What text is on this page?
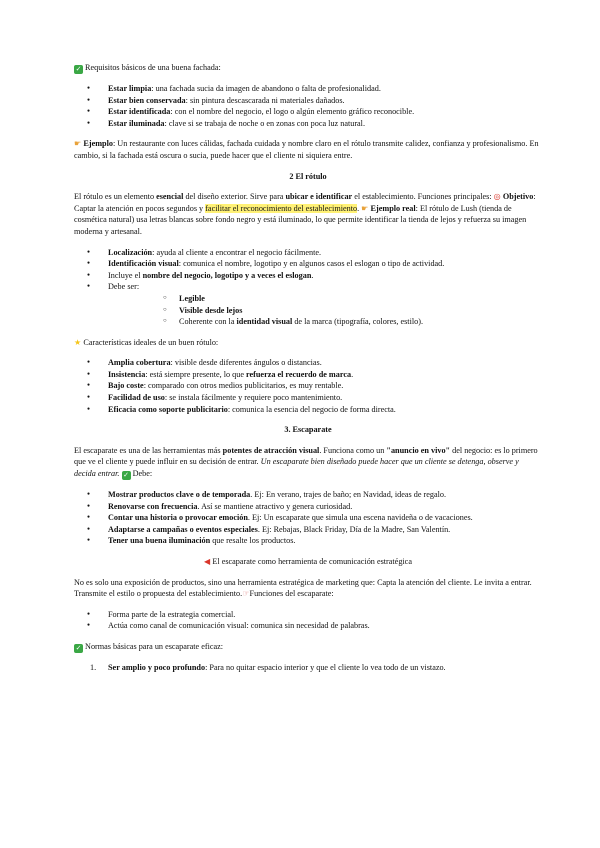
✓ Requisitos básicos de una buena fachada:

● Estar limpia: una fachada sucia da imagen de abandono o falta de profesionalidad.
● Estar bien conservada: sin pintura descascarada ni materiales dañados.
● Estar identificada: con el nombre del negocio, el logo o algún elemento gráfico reconocible.
● Estar iluminada: clave si se trabaja de noche o en zonas con poca luz natural.

☛ Ejemplo: Un restaurante con luces cálidas, fachada cuidada y nombre claro en el rótulo transmite calidez, confianza y profesionalismo. En cambio, si la fachada está oscura o sucia, puede hacer que el cliente ni siquiera entre.

2 El rótulo

El rótulo es un elemento esencial del diseño exterior. Sirve para ubicar e identificar el establecimiento. Funciones principales: ◎ Objetivo: Captar la atención en pocos segundos y facilitar el reconocimiento del establecimiento. ☛ Ejemplo real: El rótulo de Lush (tienda de cosmética natural) usa letras blancas sobre fondo negro y está iluminado, lo que permite identificar la tienda de lejos y refuerza su imagen moderna y artesanal.

● Localización: ayuda al cliente a encontrar el negocio fácilmente.
● Identificación visual: comunica el nombre, logotipo y en algunos casos el eslogan o tipo de actividad.
● Incluye el nombre del negocio, logotipo y a veces el eslogan.
● Debe ser:
○ Legible
○ Visible desde lejos
○ Coherente con la identidad visual de la marca (tipografía, colores, estilo).

★ Características ideales de un buen rótulo:

● Amplia cobertura: visible desde diferentes ángulos o distancias.
● Insistencia: está siempre presente, lo que refuerza el recuerdo de marca.
● Bajo coste: comparado con otros medios publicitarios, es muy rentable.
● Facilidad de uso: se instala fácilmente y requiere poco mantenimiento.
● Eficacia como soporte publicitario: comunica la esencia del negocio de forma directa.

3. Escaparate

El escaparate es una de las herramientas más potentes de atracción visual. Funciona como un "anuncio en vivo" del negocio: es lo primero que ve el cliente y puede influir en su decisión de entrar. Un escaparate bien diseñado puede hacer que un cliente se detenga, observe y decida entrar. ✓ Debe:

● Mostrar productos clave o de temporada. Ej: En verano, trajes de baño; en Navidad, ideas de regalo.
● Renovarse con frecuencia. Así se mantiene atractivo y genera curiosidad.
● Contar una historia o provocar emoción. Ej: Un escaparate que simula una escena navideña o de vacaciones.
● Adaptarse a campañas o eventos especiales. Ej: Rebajas, Black Friday, Día de la Madre, San Valentín.
● Tener una buena iluminación que resalte los productos.

◀ El escaparate como herramienta de comunicación estratégica

No es solo una exposición de productos, sino una herramienta estratégica de marketing que: Capta la atención del cliente. Le invita a entrar. Transmite el estilo o propuesta del establecimiento.☞Funciones del escaparate:

● Forma parte de la estrategia comercial.
● Actúa como canal de comunicación visual: comunica sin necesidad de palabras.

✓ Normas básicas para un escaparate eficaz:

1. Ser amplio y poco profundo: Para no quitar espacio interior y que el cliente lo vea todo de un vistazo.
